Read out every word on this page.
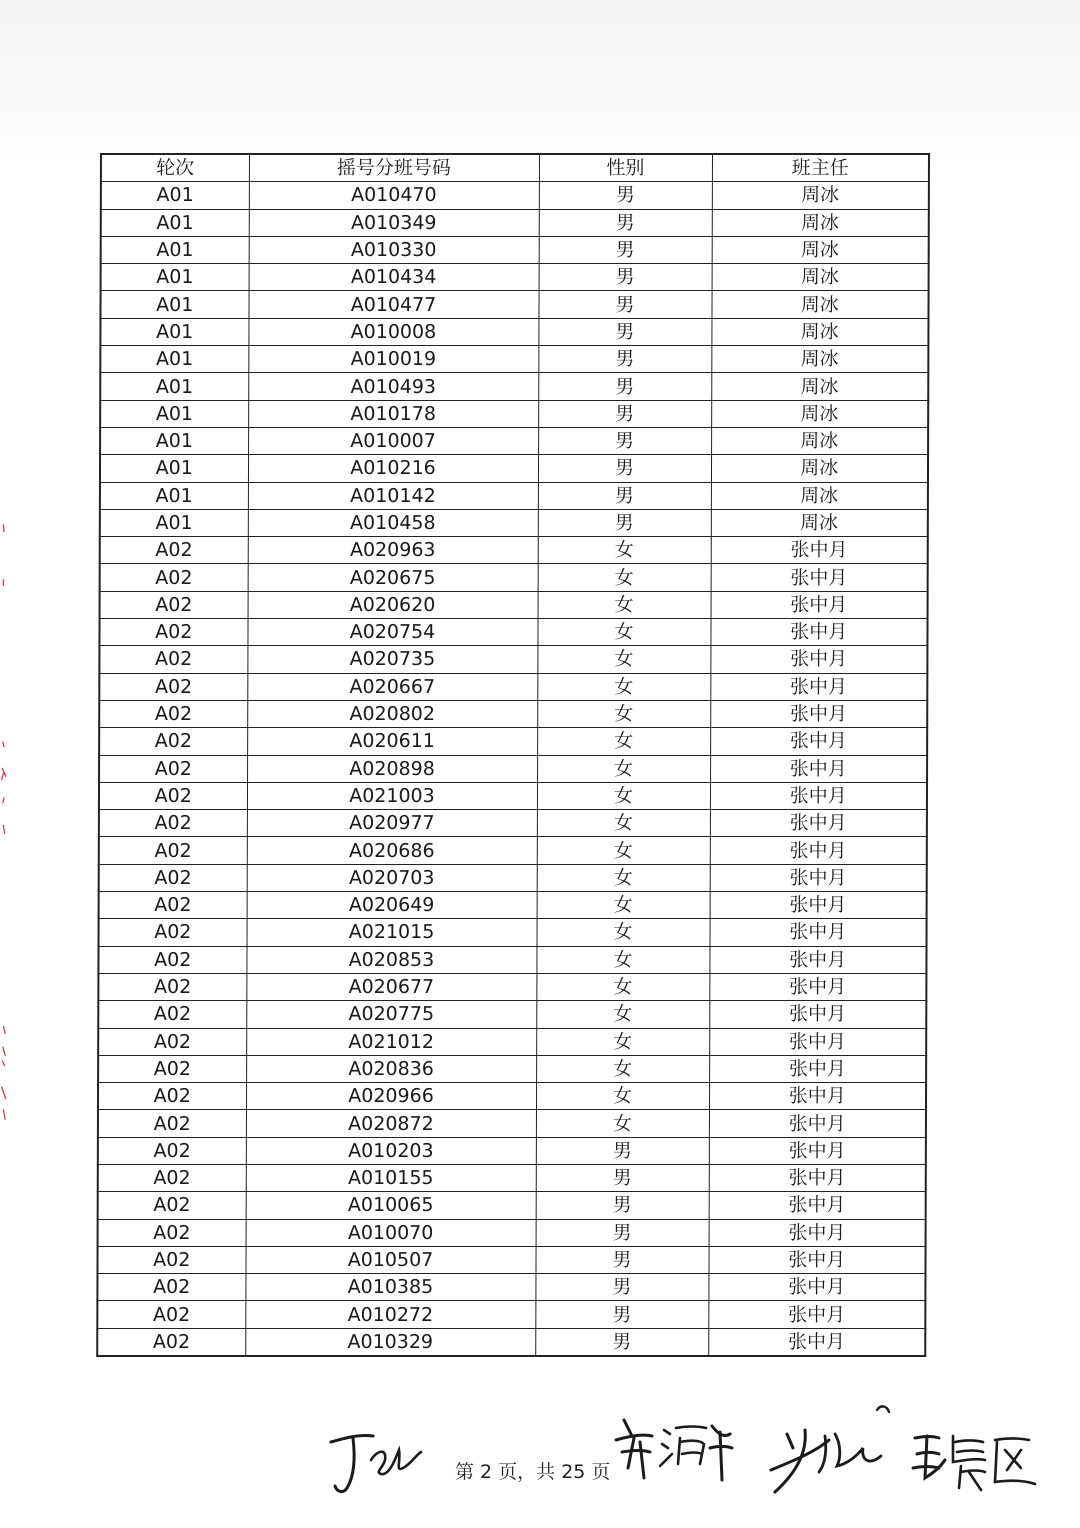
轮次	摇号分班号码	性别	班主任
A01	A010470	男	周冰
A01	A010349	男	周冰
A01	A010330	男	周冰
A01	A010434	男	周冰
A01	A010477	男	周冰
A01	A010008	男	周冰
A01	A010019	男	周冰
A01	A010493	男	周冰
A01	A010178	男	周冰
A01	A010007	男	周冰
A01	A010216	男	周冰
A01	A010142	男	周冰
A01	A010458	男	周冰
A02	A020963	女	张中月
A02	A020675	女	张中月
A02	A020620	女	张中月
A02	A020754	女	张中月
A02	A020735	女	张中月
A02	A020667	女	张中月
A02	A020802	女	张中月
A02	A020611	女	张中月
A02	A020898	女	张中月
A02	A021003	女	张中月
A02	A020977	女	张中月
A02	A020686	女	张中月
A02	A020703	女	张中月
A02	A020649	女	张中月
A02	A021015	女	张中月
A02	A020853	女	张中月
A02	A020677	女	张中月
A02	A020775	女	张中月
A02	A021012	女	张中月
A02	A020836	女	张中月
A02	A020966	女	张中月
A02	A020872	女	张中月
A02	A010203	男	张中月
A02	A010155	男	张中月
A02	A010065	男	张中月
A02	A010070	男	张中月
A02	A010507	男	张中月
A02	A010385	男	张中月
A02	A010272	男	张中月
A02	A010329	男	张中月
第 2 页，共 25 页
